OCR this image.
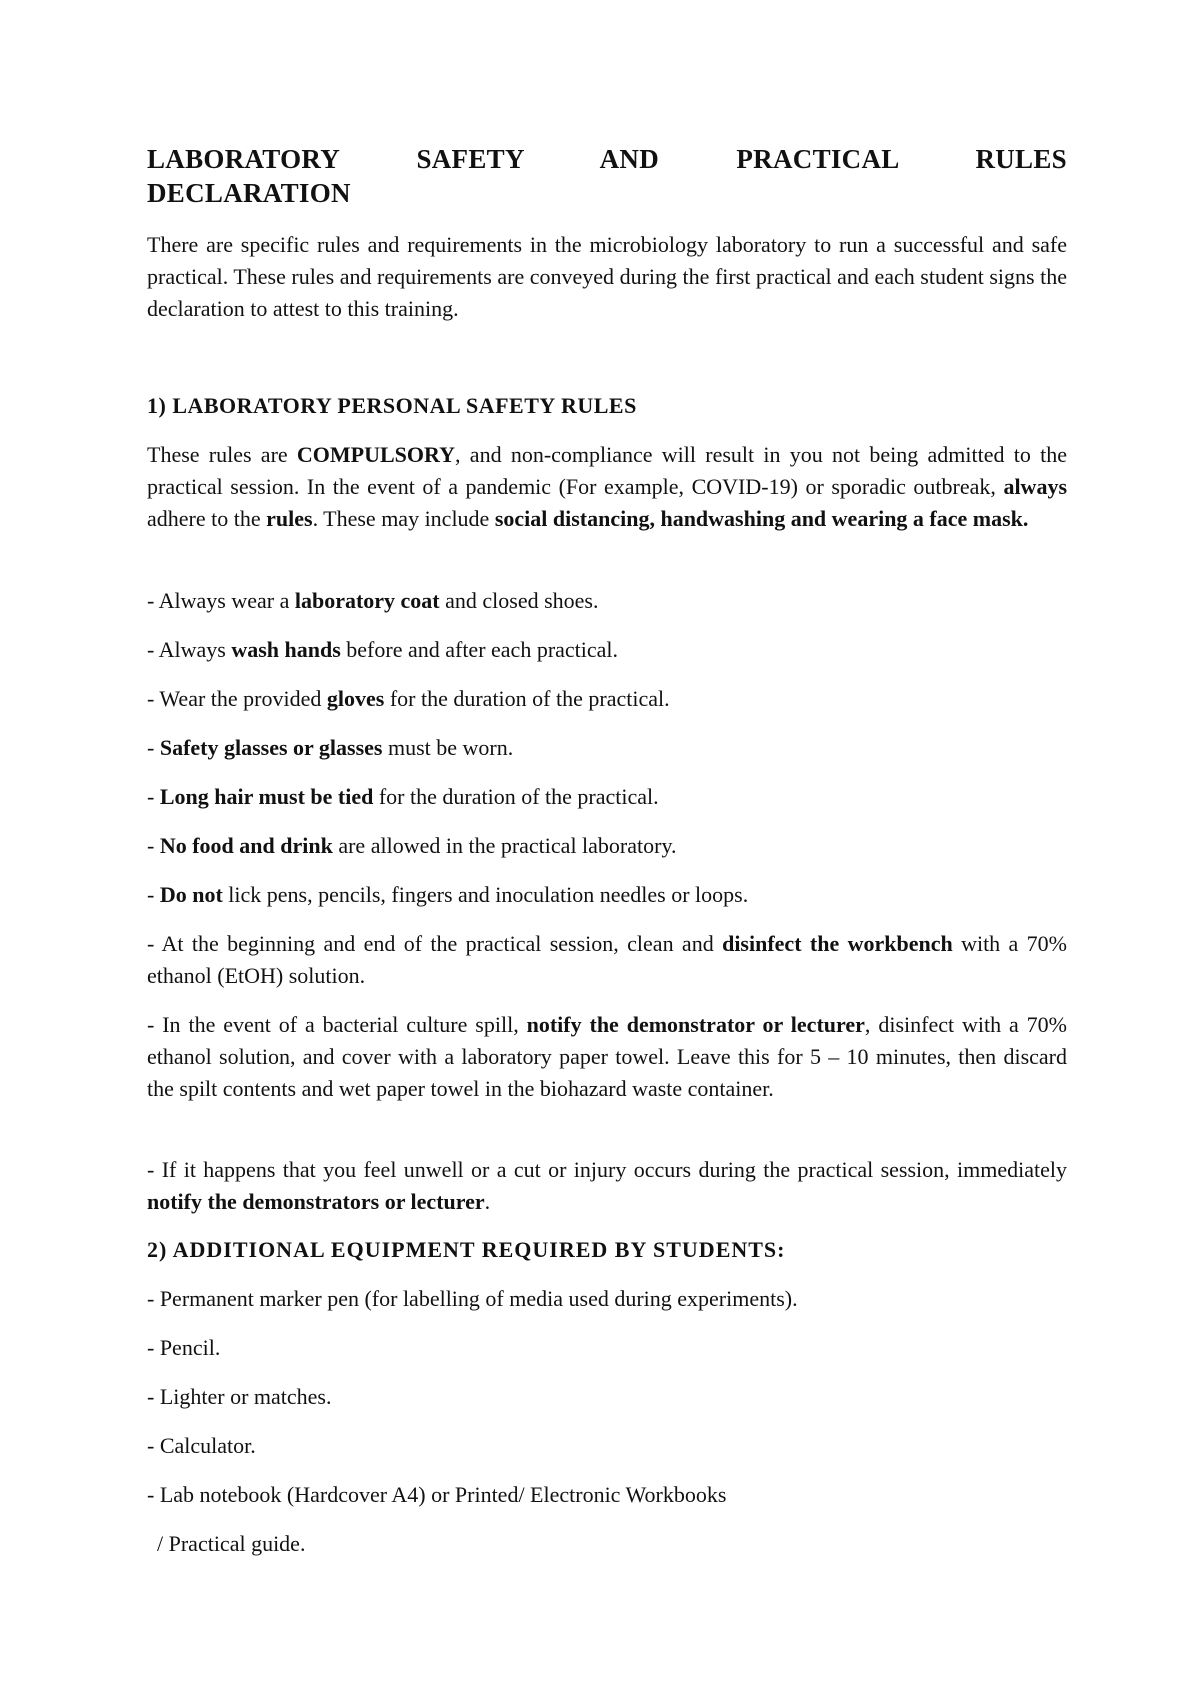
LABORATORY	SAFETY	AND	PRACTICAL	RULES
DECLARATION
There are specific rules and requirements in the microbiology laboratory to run a successful and safe practical. These rules and requirements are conveyed during the first practical and each student signs the declaration to attest to this training.
1) LABORATORY PERSONAL SAFETY RULES
These rules are COMPULSORY, and non-compliance will result in you not being admitted to the practical session. In the event of a pandemic (For example, COVID-19) or sporadic outbreak, always adhere to the rules. These may include social distancing, handwashing and wearing a face mask.
- Always wear a laboratory coat and closed shoes.
- Always wash hands before and after each practical.
- Wear the provided gloves for the duration of the practical.
- Safety glasses or glasses must be worn.
- Long hair must be tied for the duration of the practical.
- No food and drink are allowed in the practical laboratory.
- Do not lick pens, pencils, fingers and inoculation needles or loops.
- At the beginning and end of the practical session, clean and disinfect the workbench with a 70% ethanol (EtOH) solution.
- In the event of a bacterial culture spill, notify the demonstrator or lecturer, disinfect with a 70% ethanol solution, and cover with a laboratory paper towel. Leave this for 5 – 10 minutes, then discard the spilt contents and wet paper towel in the biohazard waste container.
- If it happens that you feel unwell or a cut or injury occurs during the practical session, immediately notify the demonstrators or lecturer.
2) ADDITIONAL EQUIPMENT REQUIRED BY STUDENTS:
- Permanent marker pen (for labelling of media used during experiments).
- Pencil.
- Lighter or matches.
- Calculator.
- Lab notebook (Hardcover A4) or Printed/ Electronic Workbooks
/ Practical guide.
